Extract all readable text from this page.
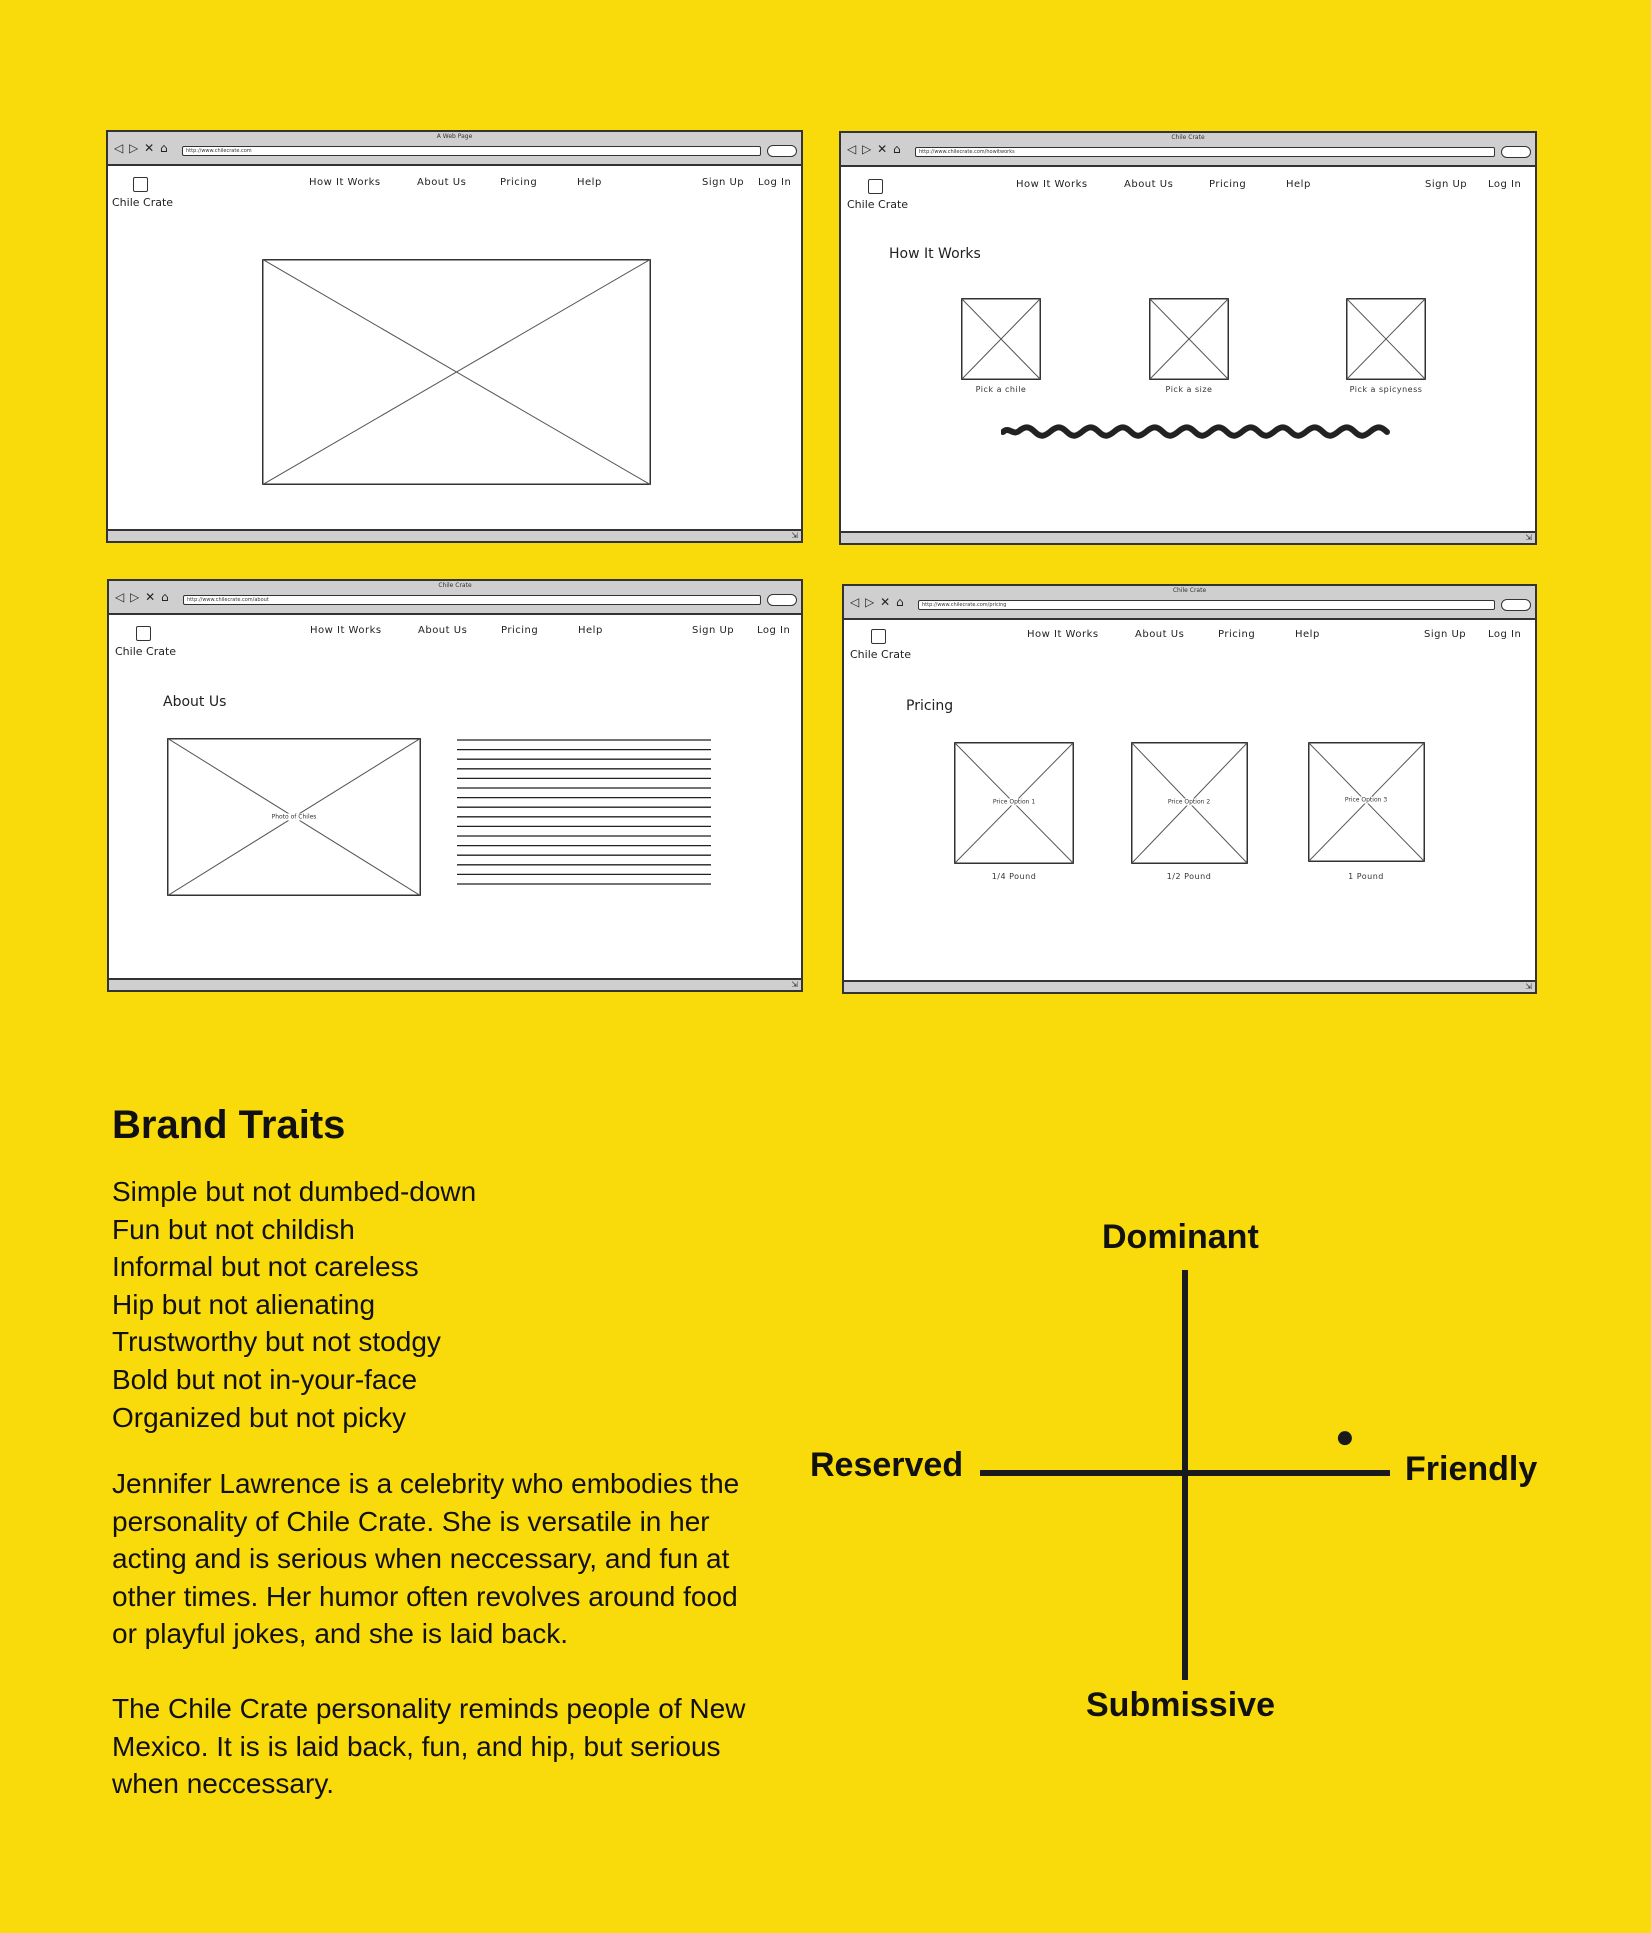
A Web Page
◁ ▷ ✕ ⌂	http://www.chilecrate.com
Chile Crate
How It Works	About Us	Pricing	Help	Sign Up Log In
⇲
Chile Crate
◁ ▷ ✕ ⌂	http://www.chilecrate.com/howitworks
Chile Crate
How It Works	About Us	Pricing	Help	Sign Up Log In
How It Works
Pick a chile	Pick a size	Pick a spicyness
⇲
Chile Crate
◁ ▷ ✕ ⌂	http://www.chilecrate.com/about
Chile Crate
How It Works	About Us	Pricing	Help	Sign Up Log In
About Us
Photo of Chiles
⇲
Chile Crate
◁ ▷ ✕ ⌂	http://www.chilecrate.com/pricing
Chile Crate
How It Works	About Us	Pricing	Help	Sign Up Log In
Pricing
Price Option 1
1/4 Pound
Price Option 2
1/2 Pound
Price Option 3
1 Pound
⇲
Brand Traits
Simple but not dumbed-down
Fun but not childish
Informal but not careless
Hip but not alienating
Trustworthy but not stodgy
Bold but not in-your-face
Organized but not picky

Jennifer Lawrence is a celebrity who embodies the personality of Chile Crate. She is versatile in her acting and is serious when neccessary, and fun at other times. Her humor often revolves around food or playful jokes, and she is laid back.

The Chile Crate personality reminds people of New Mexico. It is is laid back, fun, and hip, but serious when neccessary.

Dominant
Submissive
Reserved	Friendly
